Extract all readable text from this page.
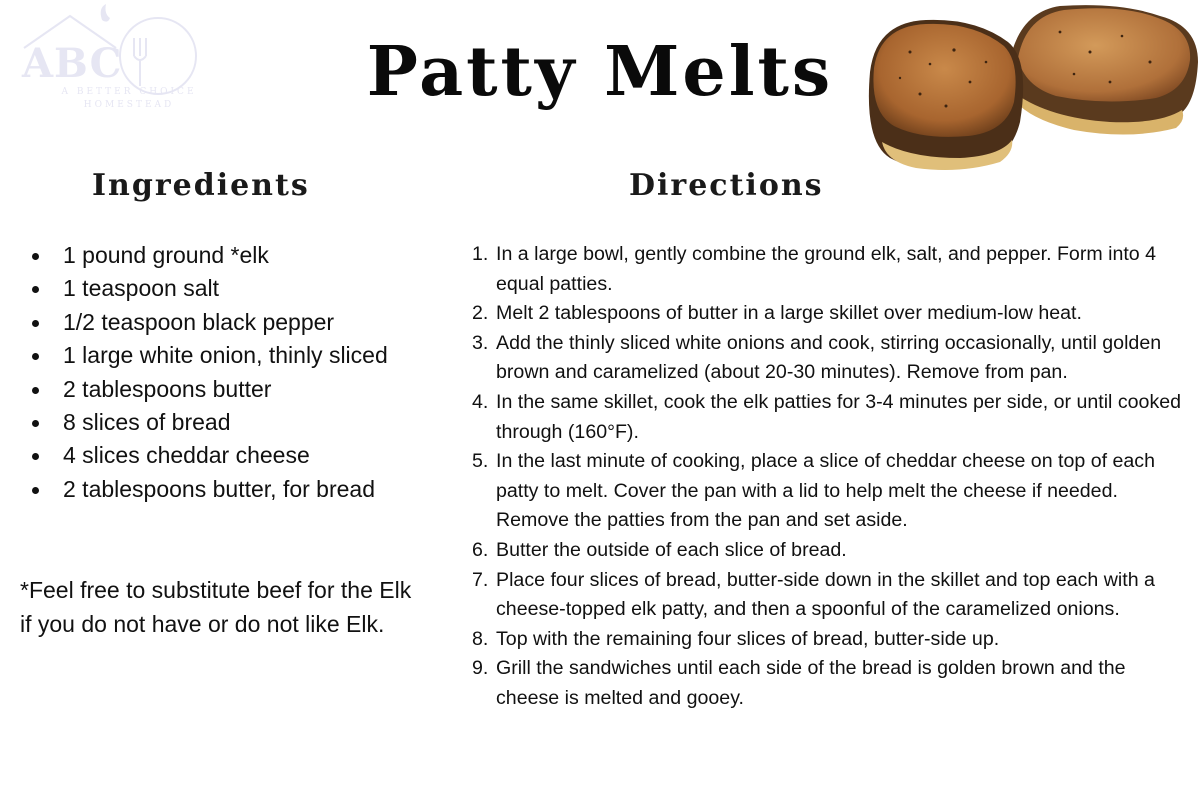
ABC
A BETTER CHOICE
HOMESTEAD	Patty Melts
Ingredients	Directions
1 pound ground *elk
1 teaspoon salt
1/2 teaspoon black pepper
1 large white onion, thinly sliced
2 tablespoons butter
8 slices of bread
4 slices cheddar cheese
2 tablespoons butter, for bread
*Feel free to substitute beef for the Elk
if you do not have or do not like Elk.
1. In a large bowl, gently combine the ground elk, salt, and pepper. Form into 4 equal patties.
2. Melt 2 tablespoons of butter in a large skillet over medium-low heat.
3. Add the thinly sliced white onions and cook, stirring occasionally, until golden brown and caramelized (about 20-30 minutes). Remove from pan.
4. In the same skillet, cook the elk patties for 3-4 minutes per side, or until cooked through (160°F).
5. In the last minute of cooking, place a slice of cheddar cheese on top of each patty to melt. Cover the pan with a lid to help melt the cheese if needed. Remove the patties from the pan and set aside.
6. Butter the outside of each slice of bread.
7. Place four slices of bread, butter-side down in the skillet and top each with a cheese-topped elk patty, and then a spoonful of the caramelized onions.
8. Top with the remaining four slices of bread, butter-side up.
9. Grill the sandwiches until each side of the bread is golden brown and the cheese is melted and gooey.
